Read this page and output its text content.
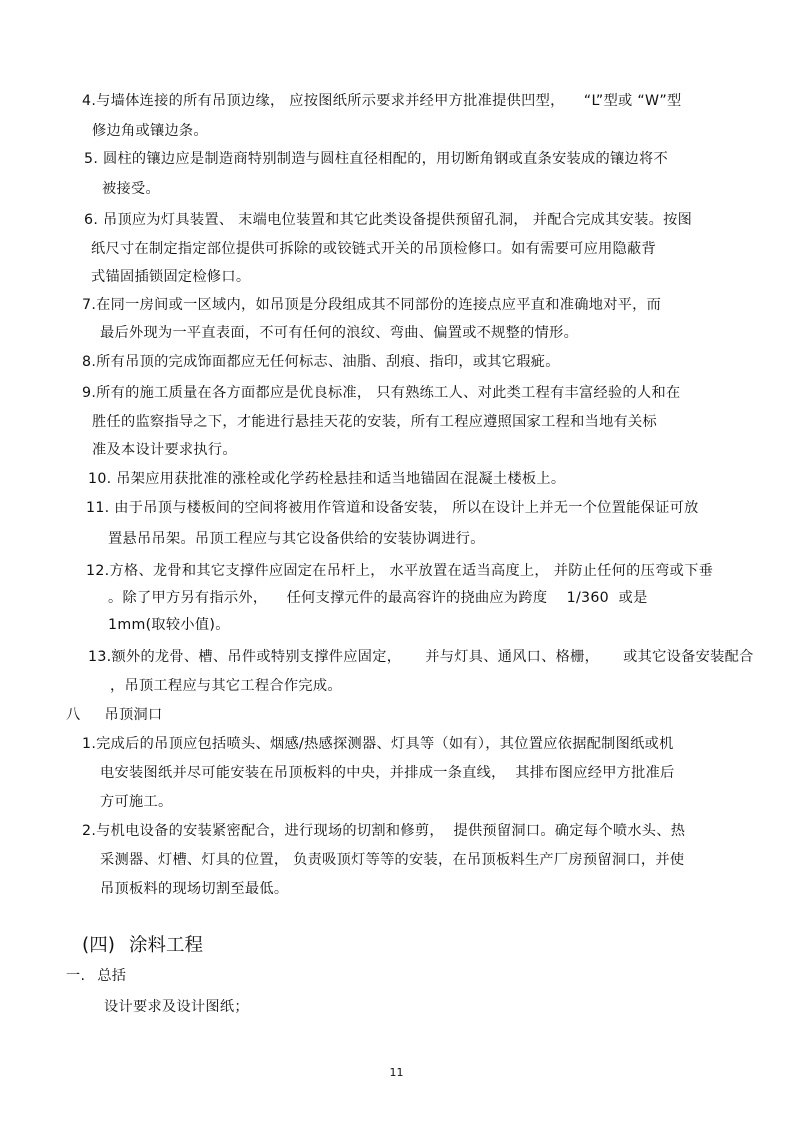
4.与墙体连接的所有吊顶边缘， 应按图纸所示要求并经甲方批准提供凹型，    “L”型或 “W”型
修边角或镶边条。
5. 圆柱的镶边应是制造商特别制造与圆柱直径相配的，用切断角钢或直条安装成的镶边将不
被接受。
6. 吊顶应为灯具装置、 末端电位装置和其它此类设备提供预留孔洞， 并配合完成其安装。按图
纸尺寸在制定指定部位提供可拆除的或铰链式开关的吊顶检修口。如有需要可应用隐蔽背
式锚固插锁固定检修口。
7.在同一房间或一区域内，如吊顶是分段组成其不同部份的连接点应平直和准确地对平，而
最后外现为一平直表面，不可有任何的浪纹、弯曲、偏置或不规整的情形。
8.所有吊顶的完成饰面都应无任何标志、油脂、刮痕、指印，或其它瑕疵。
9.所有的施工质量在各方面都应是优良标准， 只有熟练工人、对此类工程有丰富经验的人和在
胜任的监察指导之下，才能进行悬挂天花的安装，所有工程应遵照国家工程和当地有关标
准及本设计要求执行。
10. 吊架应用获批准的涨栓或化学药栓悬挂和适当地锚固在混凝土楼板上。
11. 由于吊顶与楼板间的空间将被用作管道和设备安装， 所以在设计上并无一个位置能保证可放
置悬吊吊架。吊顶工程应与其它设备供给的安装协调进行。
12.方格、龙骨和其它支撑件应固定在吊杆上， 水平放置在适当高度上， 并防止任何的压弯或下垂
。除了甲方另有指示外，    任何支撑元件的最高容许的挠曲应为跨度    1/360  或是
1mm(取较小值)。
13.额外的龙骨、槽、吊件或特别支撑件应固定，     并与灯具、通风口、格栅，     或其它设备安装配合
，吊顶工程应与其它工程合作完成。
八 吊顶洞口
1.完成后的吊顶应包括喷头、烟感/热感探测器、灯具等（如有），其位置应依据配制图纸或机
电安装图纸并尽可能安装在吊顶板料的中央，并排成一条直线，  其排布图应经甲方批准后
方可施工。
2.与机电设备的安装紧密配合，进行现场的切割和修剪，  提供预留洞口。确定每个喷水头、热
采测器、灯槽、灯具的位置， 负责吸顶灯等等的安装，在吊顶板料生产厂房预留洞口，并使
吊顶板料的现场切割至最低。
(四) 涂料工程
一. 总括
设计要求及设计图纸；
11
